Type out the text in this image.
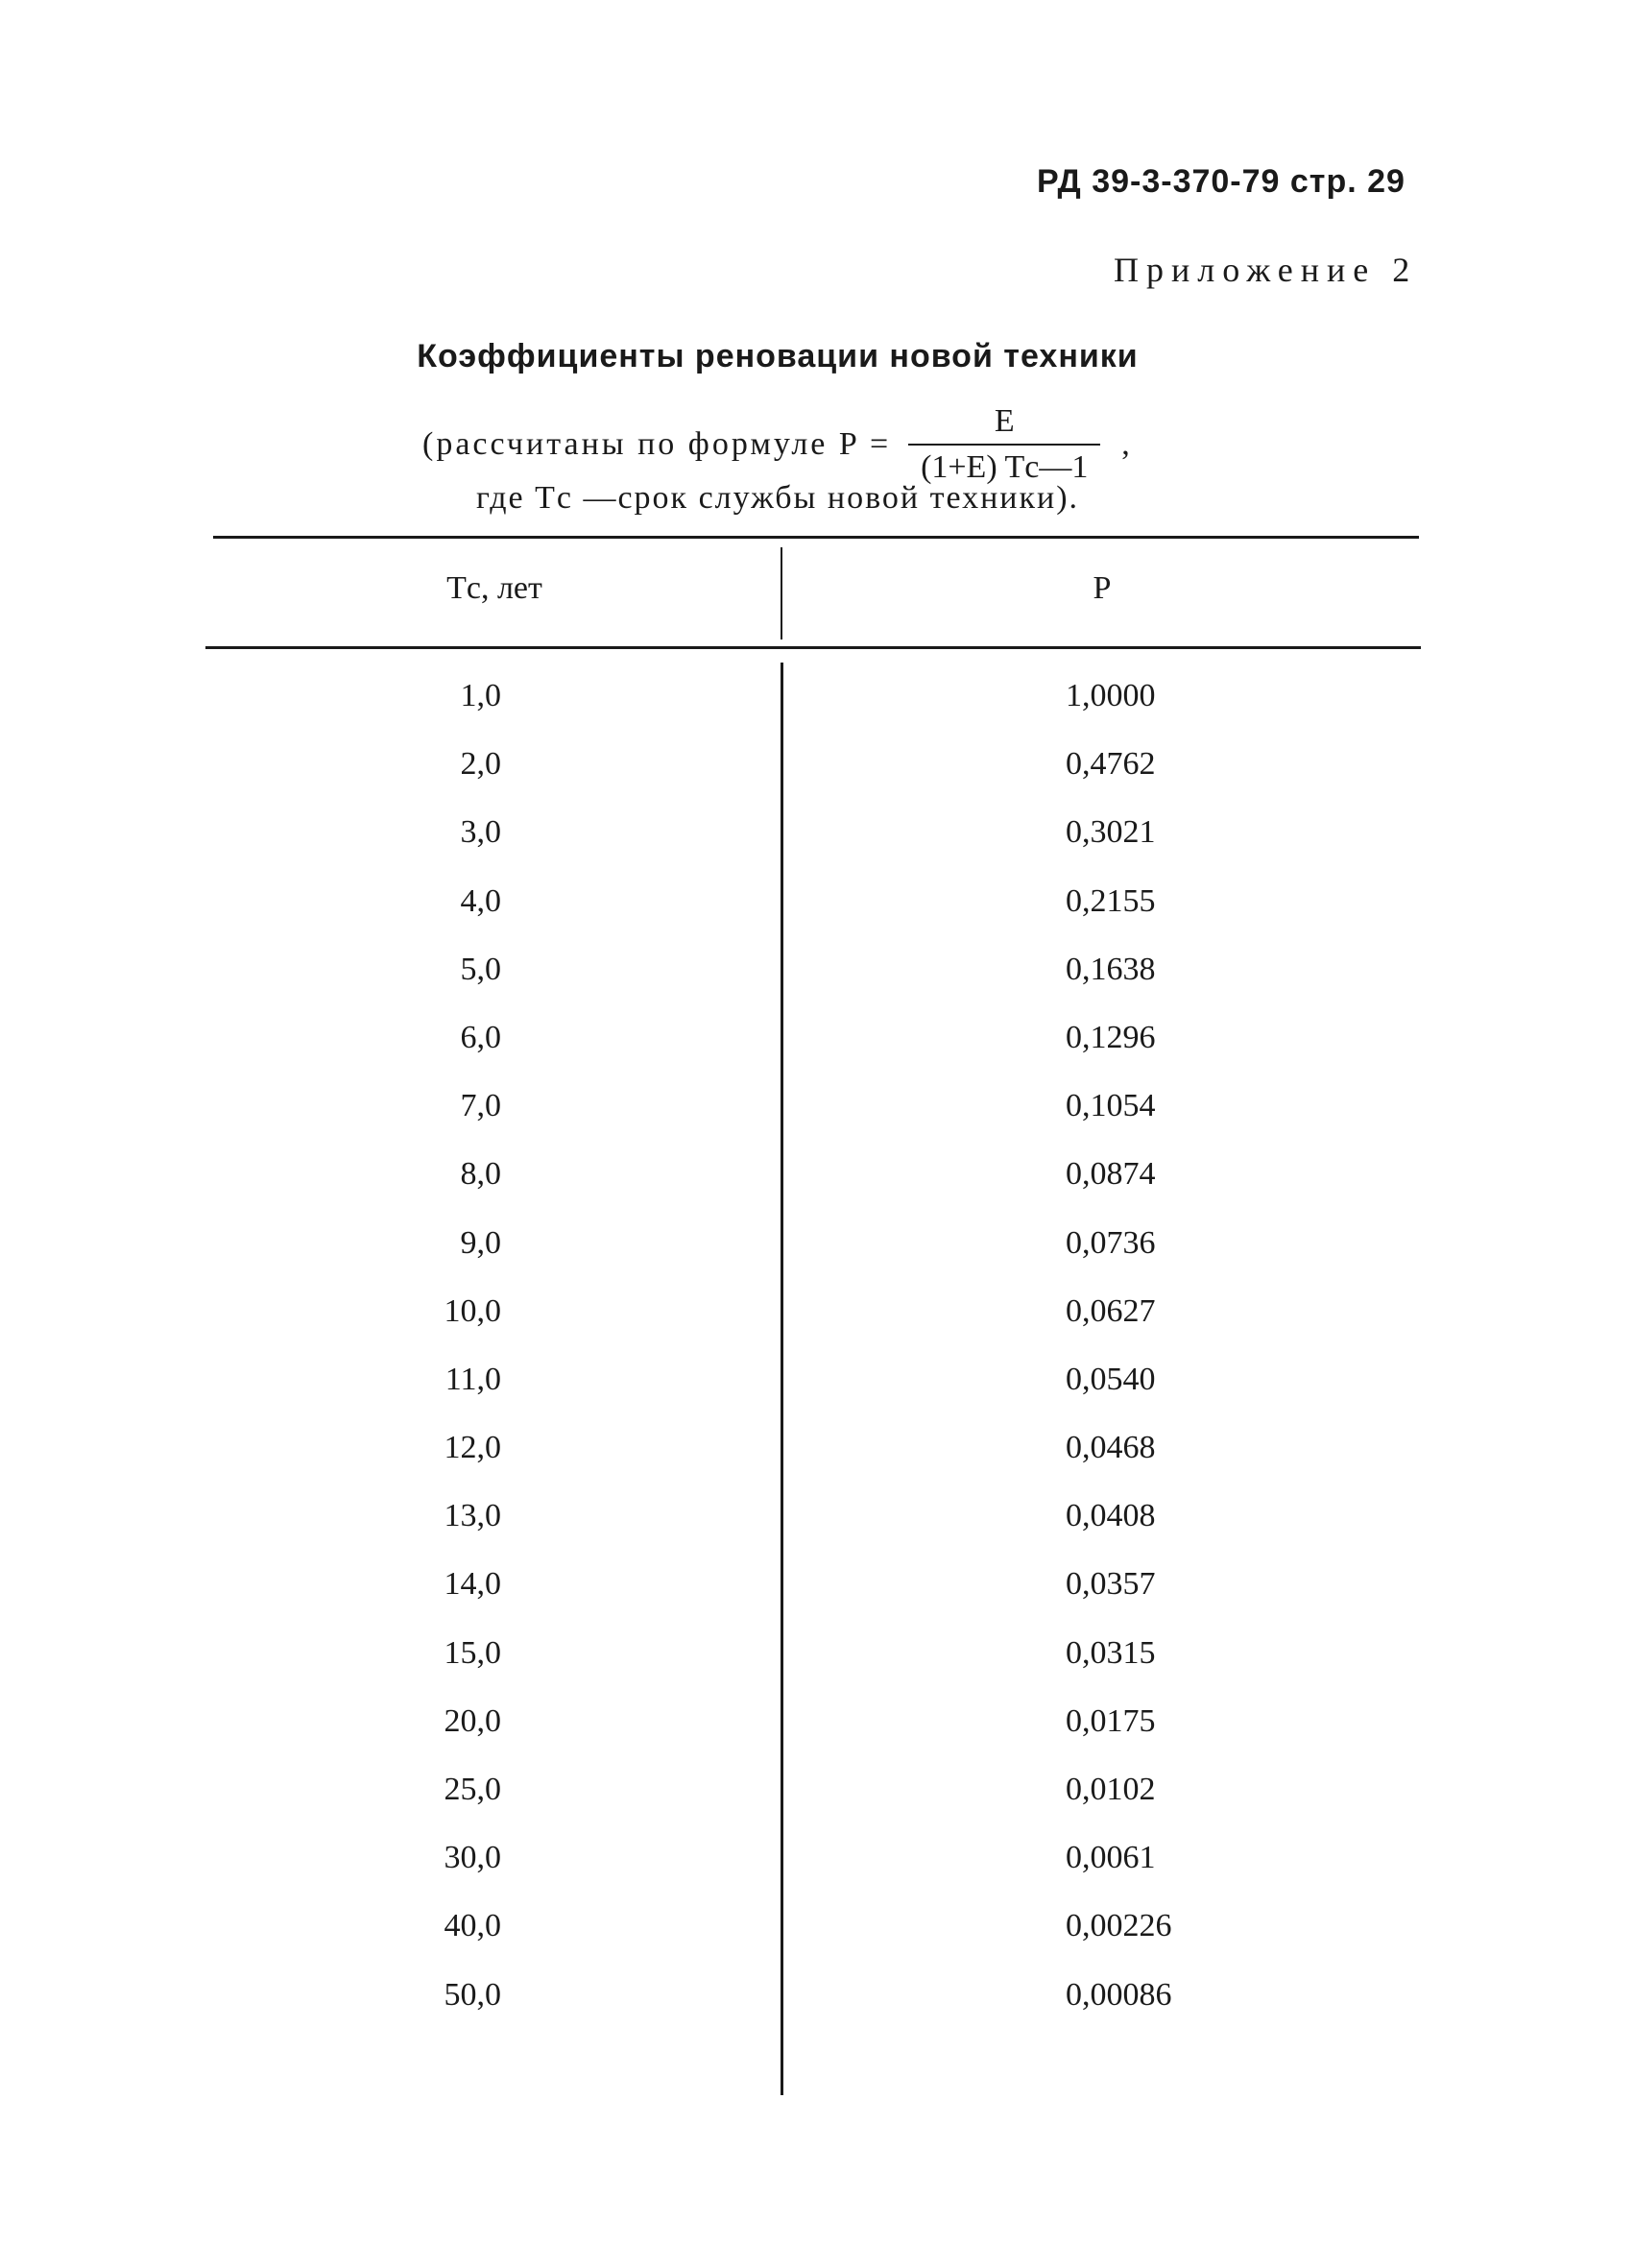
РД 39-3-370-79 стр. 29
Приложение 2
Коэффициенты реновации новой техники
(рассчитаны по формуле $P = \frac{E}{(1+E) Tс—1}$ ,
где Tс —срок службы новой техники).
Tс, лет	P
1,0	1,0000
2,0	0,4762
3,0	0,3021
4,0	0,2155
5,0	0,1638
6,0	0,1296
7,0	0,1054
8,0	0,0874
9,0	0,0736
10,0	0,0627
11,0	0,0540
12,0	0,0468
13,0	0,0408
14,0	0,0357
15,0	0,0315
20,0	0,0175
25,0	0,0102
30,0	0,0061
40,0	0,00226
50,0	0,00086
